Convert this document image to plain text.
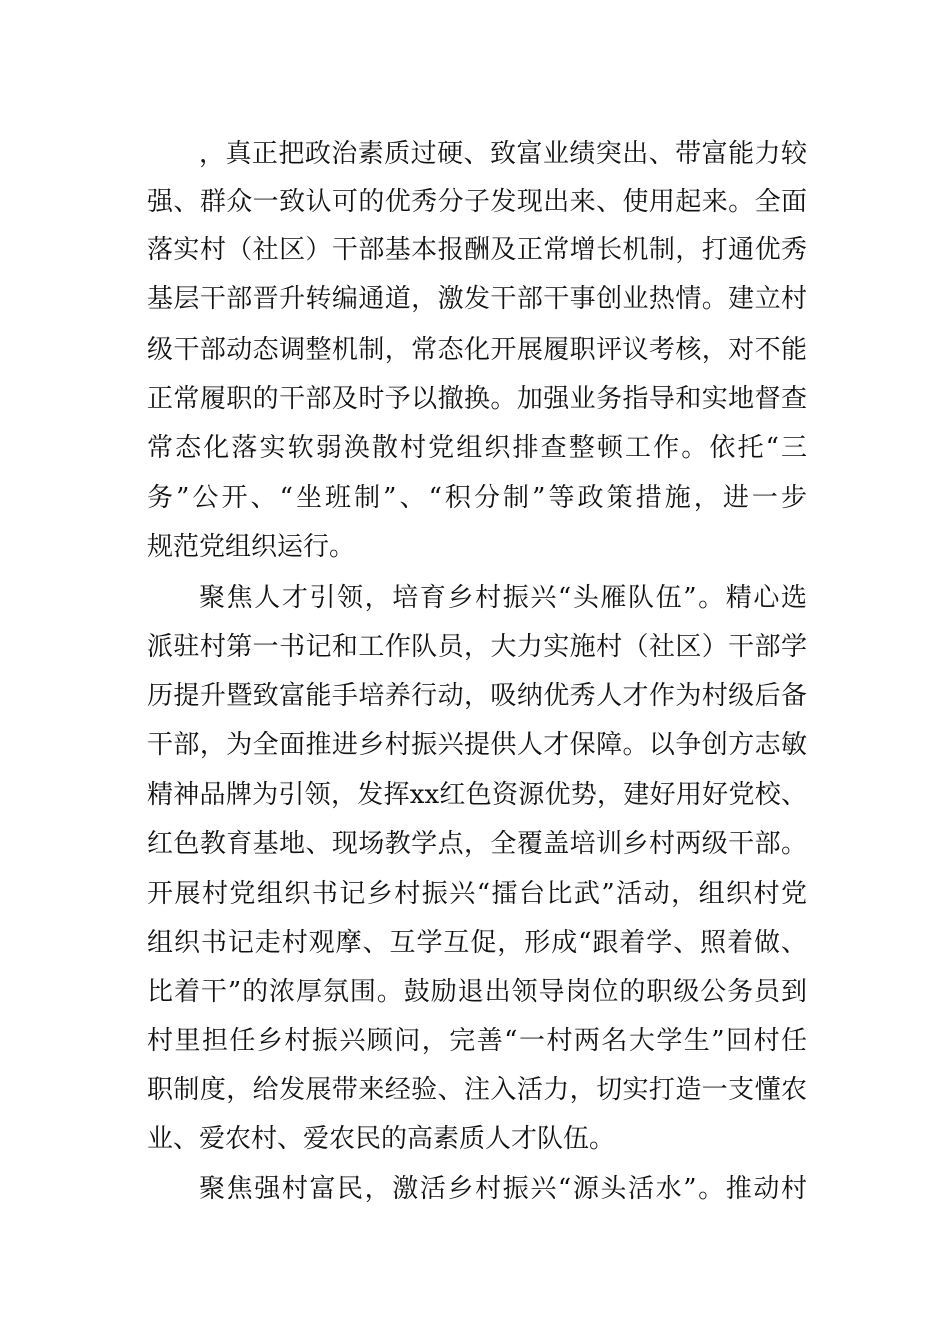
，真正把政治素质过硬、致富业绩突出、带富能力较
强、群众一致认可的优秀分子发现出来、使用起来。全面
落实村（社区）干部基本报酬及正常增长机制，打通优秀
基层干部晋升转编通道，激发干部干事创业热情。建立村
级干部动态调整机制，常态化开展履职评议考核，对不能
正常履职的干部及时予以撤换。加强业务指导和实地督查
常态化落实软弱涣散村党组织排查整顿工作。依托“三
务”公开、“坐班制”、“积分制”等政策措施，进一步
规范党组织运行。
聚焦人才引领，培育乡村振兴“头雁队伍”。精心选
派驻村第一书记和工作队员，大力实施村（社区）干部学
历提升暨致富能手培养行动，吸纳优秀人才作为村级后备
干部，为全面推进乡村振兴提供人才保障。以争创方志敏
精神品牌为引领，发挥xx红色资源优势，建好用好党校、
红色教育基地、现场教学点，全覆盖培训乡村两级干部。
开展村党组织书记乡村振兴“擂台比武”活动，组织村党
组织书记走村观摩、互学互促，形成“跟着学、照着做、
比着干”的浓厚氛围。鼓励退出领导岗位的职级公务员到
村里担任乡村振兴顾问，完善“一村两名大学生”回村任
职制度，给发展带来经验、注入活力，切实打造一支懂农
业、爱农村、爱农民的高素质人才队伍。
聚焦强村富民，激活乡村振兴“源头活水”。推动村
